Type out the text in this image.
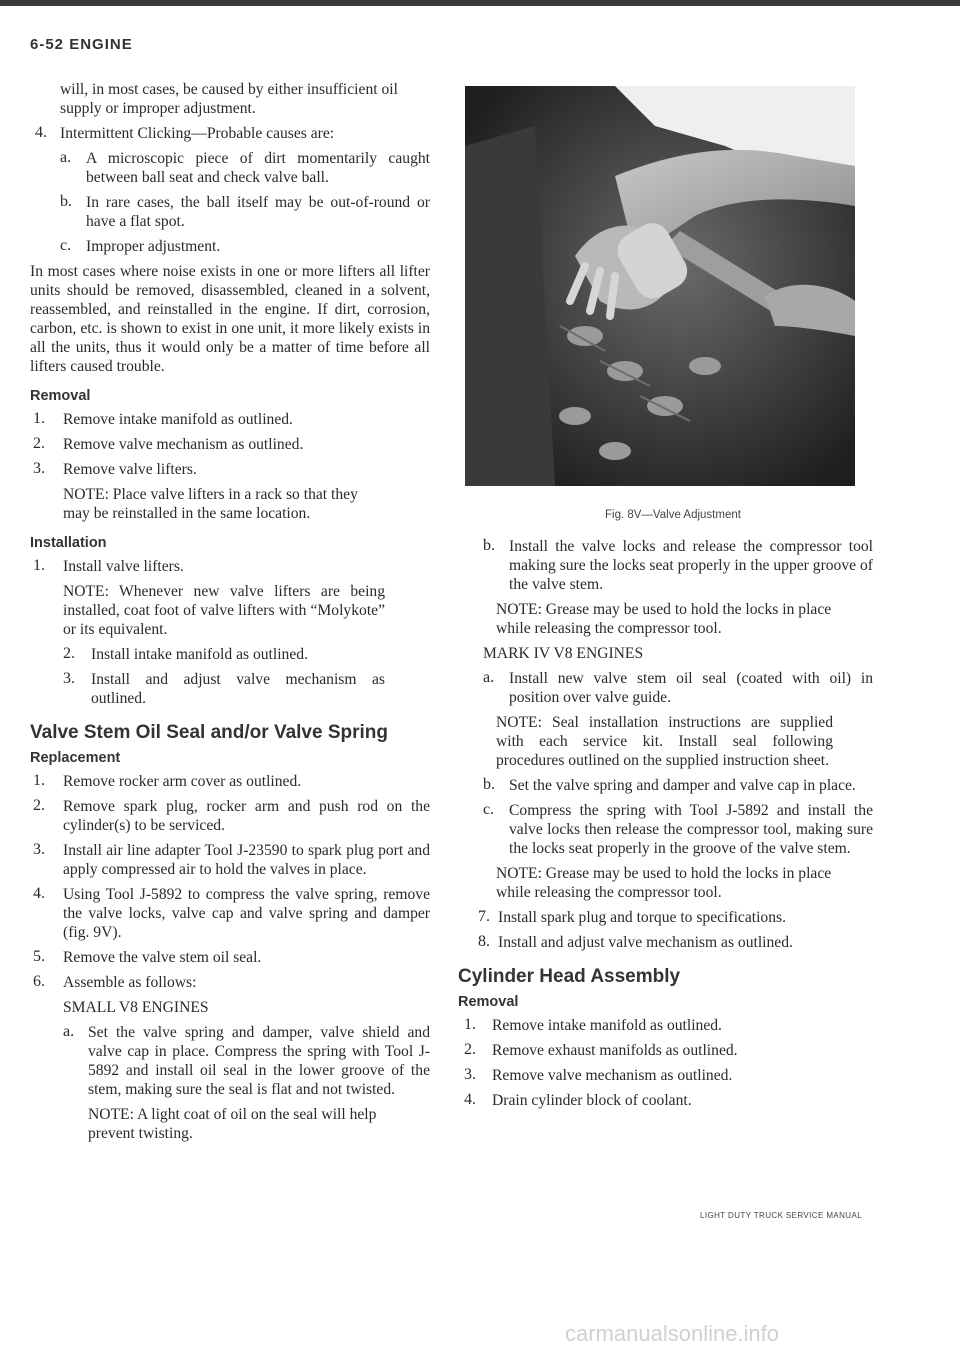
6-52 ENGINE

will, in most cases, be caused by either insufficient oil supply or improper adjustment.

4. Intermittent Clicking—Probable causes are:

a. A microscopic piece of dirt momentarily caught between ball seat and check valve ball.

b. In rare cases, the ball itself may be out-of-round or have a flat spot.

c. Improper adjustment.

In most cases where noise exists in one or more lifters all lifter units should be removed, disassembled, cleaned in a solvent, reassembled, and reinstalled in the engine. If dirt, corrosion, carbon, etc. is shown to exist in one unit, it more likely exists in all the units, thus it would only be a matter of time before all lifters caused trouble.

Removal
1.	Remove intake manifold as outlined.

2.	Remove valve mechanism as outlined.

3.	Remove valve lifters.

NOTE: Place valve lifters in a rack so that they may be reinstalled in the same location.

Installation
1.	Install valve lifters.

NOTE: Whenever new valve lifters are being installed, coat foot of valve lifters with “Molykote” or its equivalent.

2.	Install intake manifold as outlined.

3.	Install and adjust valve mechanism as outlined.

Valve Stem Oil Seal and/or Valve Spring
Replacement
1.	Remove rocker arm cover as outlined.

2.	Remove spark plug, rocker arm and push rod on the cylinder(s) to be serviced.

3.	Install air line adapter Tool J-23590 to spark plug port and apply compressed air to hold the valves in place.

4.	Using Tool J-5892 to compress the valve spring, remove the valve locks, valve cap and valve spring and damper (fig. 9V).

5.	Remove the valve stem oil seal.

6.	Assemble as follows:

SMALL V8 ENGINES

a. Set the valve spring and damper, valve shield and valve cap in place. Compress the spring with Tool J-5892 and install oil seal in the lower groove of the stem, making sure the seal is flat and not twisted.

NOTE: A light coat of oil on the seal will help prevent twisting.

Fig. 8V—Valve Adjustment
b. Install the valve locks and release the compressor tool making sure the locks seat properly in the upper groove of the valve stem.

NOTE: Grease may be used to hold the locks in place while releasing the compressor tool.

MARK IV V8 ENGINES

a. Install new valve stem oil seal (coated with oil) in position over valve guide.

NOTE: Seal installation instructions are supplied with each service kit. Install seal following procedures outlined on the supplied instruction sheet.

b. Set the valve spring and damper and valve cap in place.

c. Compress the spring with Tool J-5892 and install the valve locks then release the compressor tool, making sure the locks seat properly in the groove of the valve stem.

NOTE: Grease may be used to hold the locks in place while releasing the compressor tool.

7. Install spark plug and torque to specifications.

8. Install and adjust valve mechanism as outlined.

Cylinder Head Assembly
Removal
1.	Remove intake manifold as outlined.

2.	Remove exhaust manifolds as outlined.

3.	Remove valve mechanism as outlined.

4.	Drain cylinder block of coolant.

LIGHT DUTY TRUCK SERVICE MANUAL
carmanualsonline.info
